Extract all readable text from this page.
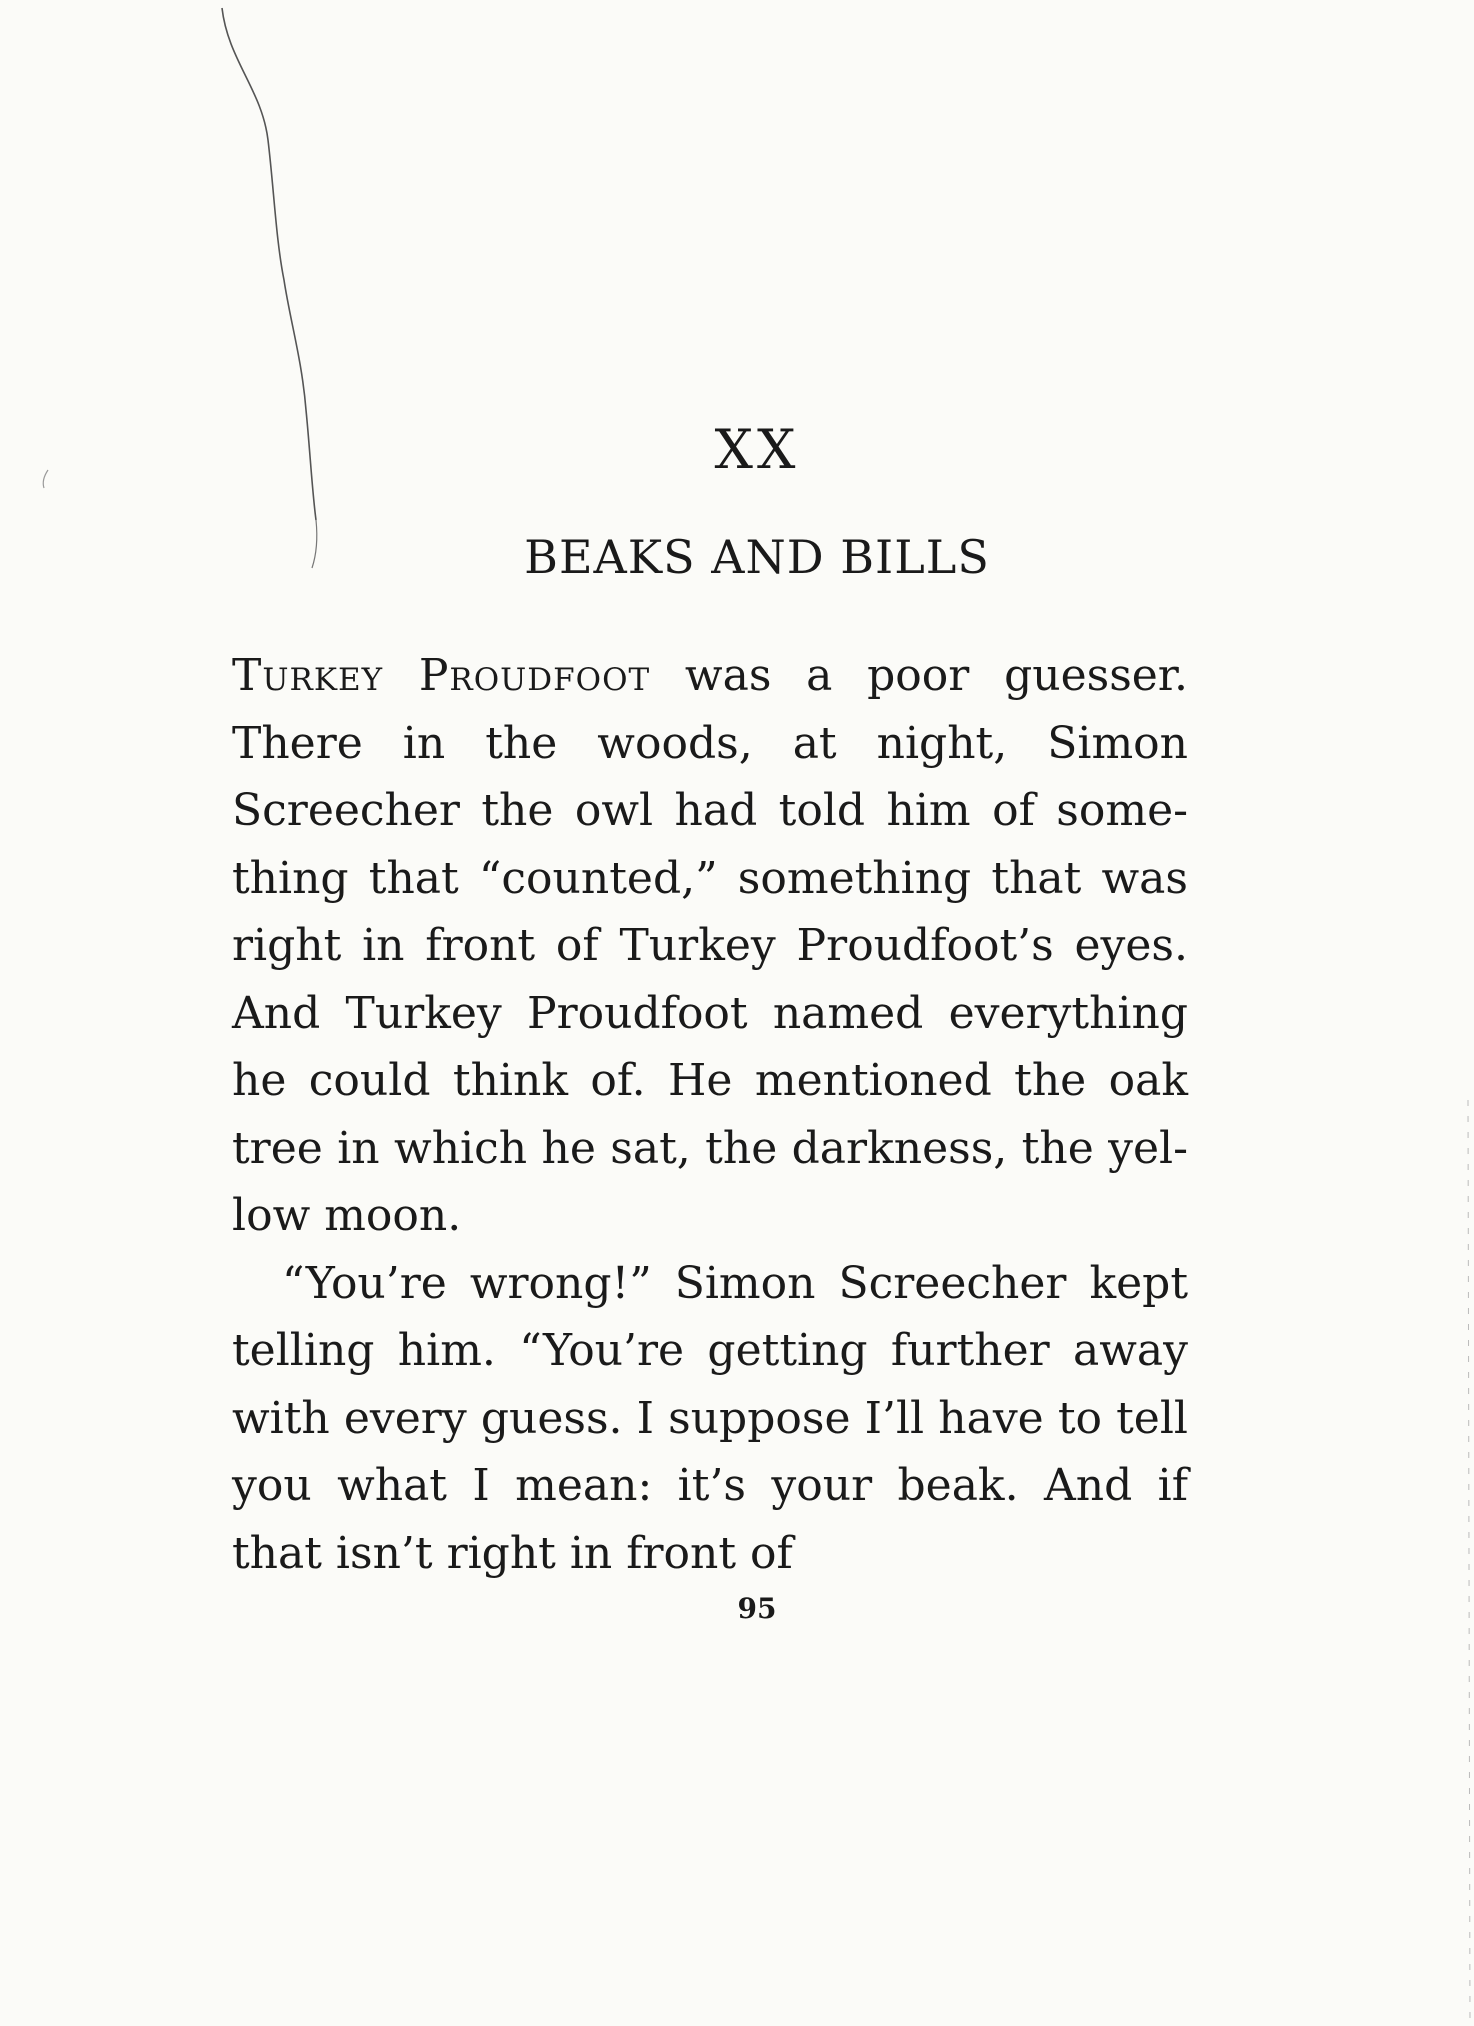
XX
BEAKS AND BILLS

Turkey Proudfoot was a poor guesser. There in the woods, at night, Simon Screecher the owl had told him of something that “counted,” something that was right in front of Turkey Proudfoot’s eyes. And Turkey Proudfoot named everything he could think of. He mentioned the oak tree in which he sat, the darkness, the yellow moon.

“You’re wrong!” Simon Screecher kept telling him. “You’re getting further away with every guess. I suppose I’ll have to tell you what I mean: it’s your beak. And if that isn’t right in front of

95
